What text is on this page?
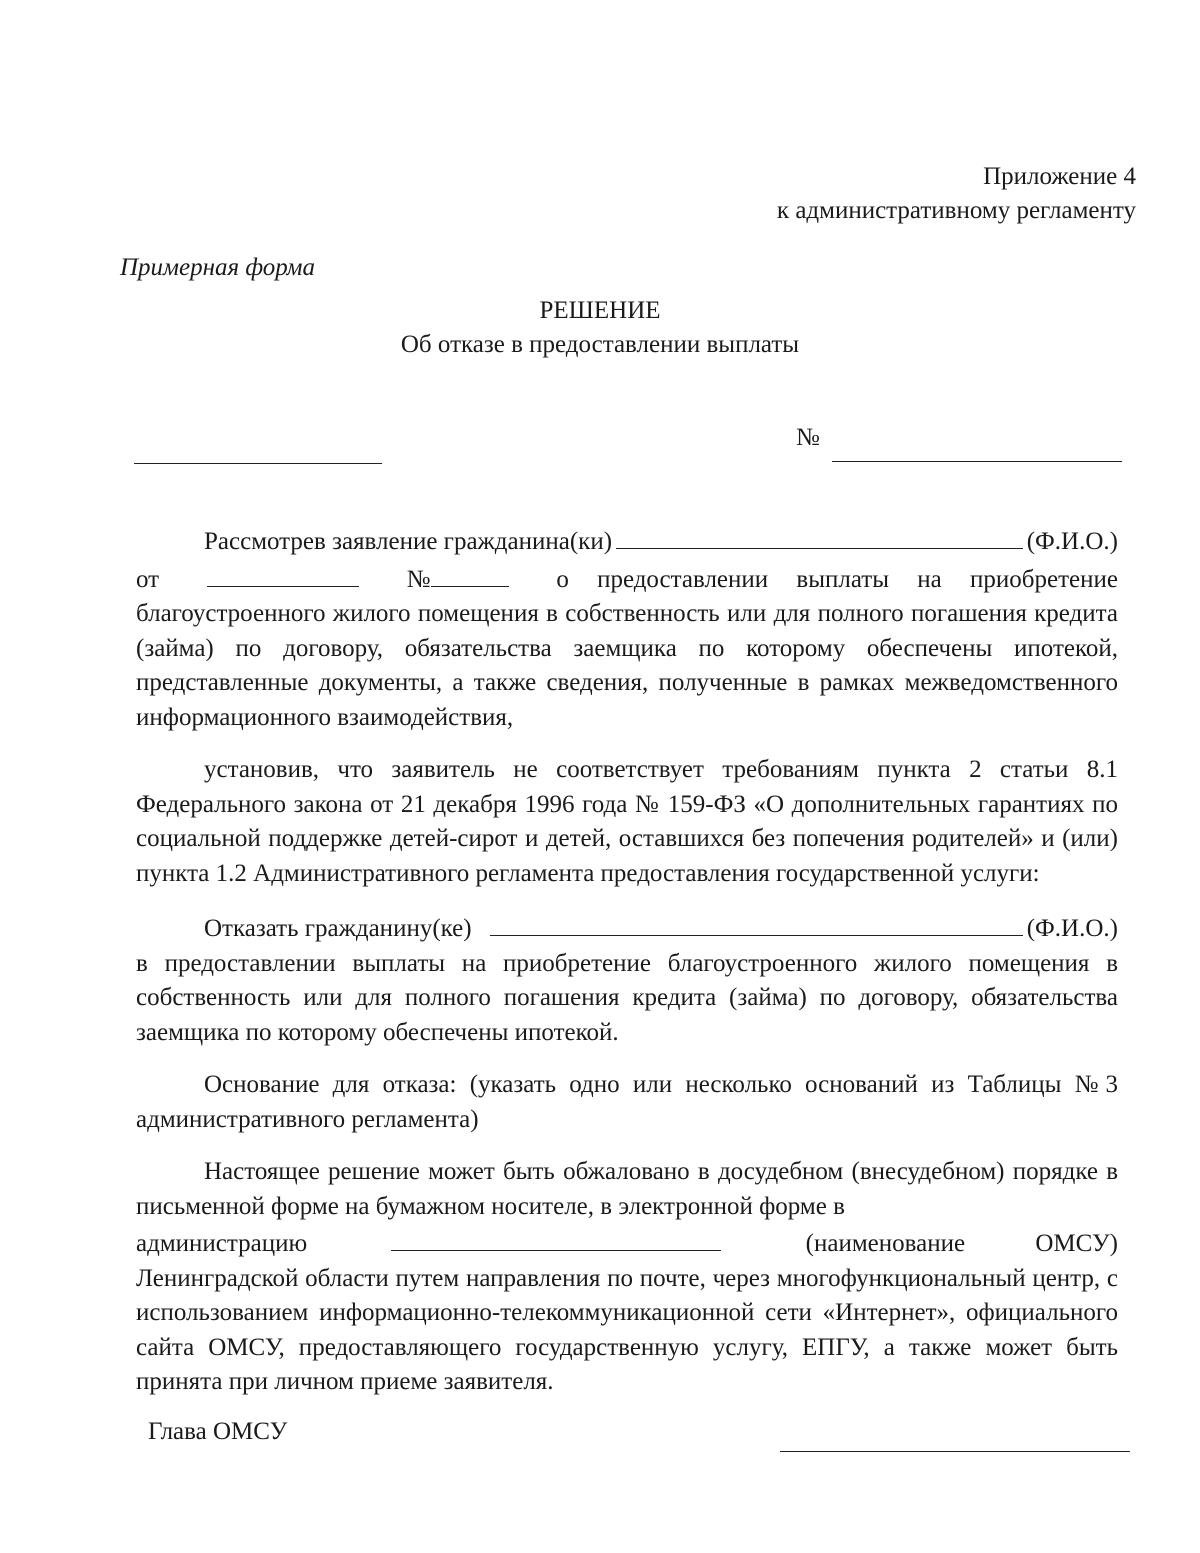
Приложение 4
к административному регламенту
Примерная форма
РЕШЕНИЕ
Об отказе в предоставлении выплаты
№
Рассмотрев заявление гражданина(ки)	(Ф.И.О.)
от	№	о предоставлении выплаты на приобретение
благоустроенного жилого помещения в собственность или для полного погашения кредита (займа) по договору, обязательства заемщика по которому обеспечены ипотекой, представленные документы, а также сведения, полученные в рамках межведомственного информационного взаимодействия,

установив, что заявитель не соответствует требованиям пункта 2 статьи 8.1 Федерального закона от 21 декабря 1996 года № 159-ФЗ «О дополнительных гарантиях по социальной поддержке детей-сирот и детей, оставшихся без попечения родителей» и (или) пункта 1.2 Административного регламента предоставления государственной услуги:

Отказать гражданину(ке)	(Ф.И.О.)
в предоставлении выплаты на приобретение благоустроенного жилого помещения в собственность или для полного погашения кредита (займа) по договору, обязательства заемщика по которому обеспечены ипотекой.

Основание для отказа: (указать одно или несколько оснований из Таблицы №3 административного регламента)

Настоящее решение может быть обжаловано в досудебном (внесудебном) порядке в письменной форме на бумажном носителе, в электронной форме в
администрацию	(наименование ОМСУ)
Ленинградской области путем направления по почте, через многофункциональный центр, с использованием информационно-телекоммуникационной сети «Интернет», официального сайта ОМСУ, предоставляющего государственную услугу, ЕПГУ, а также может быть принята при личном приеме заявителя.
Глава ОМСУ
